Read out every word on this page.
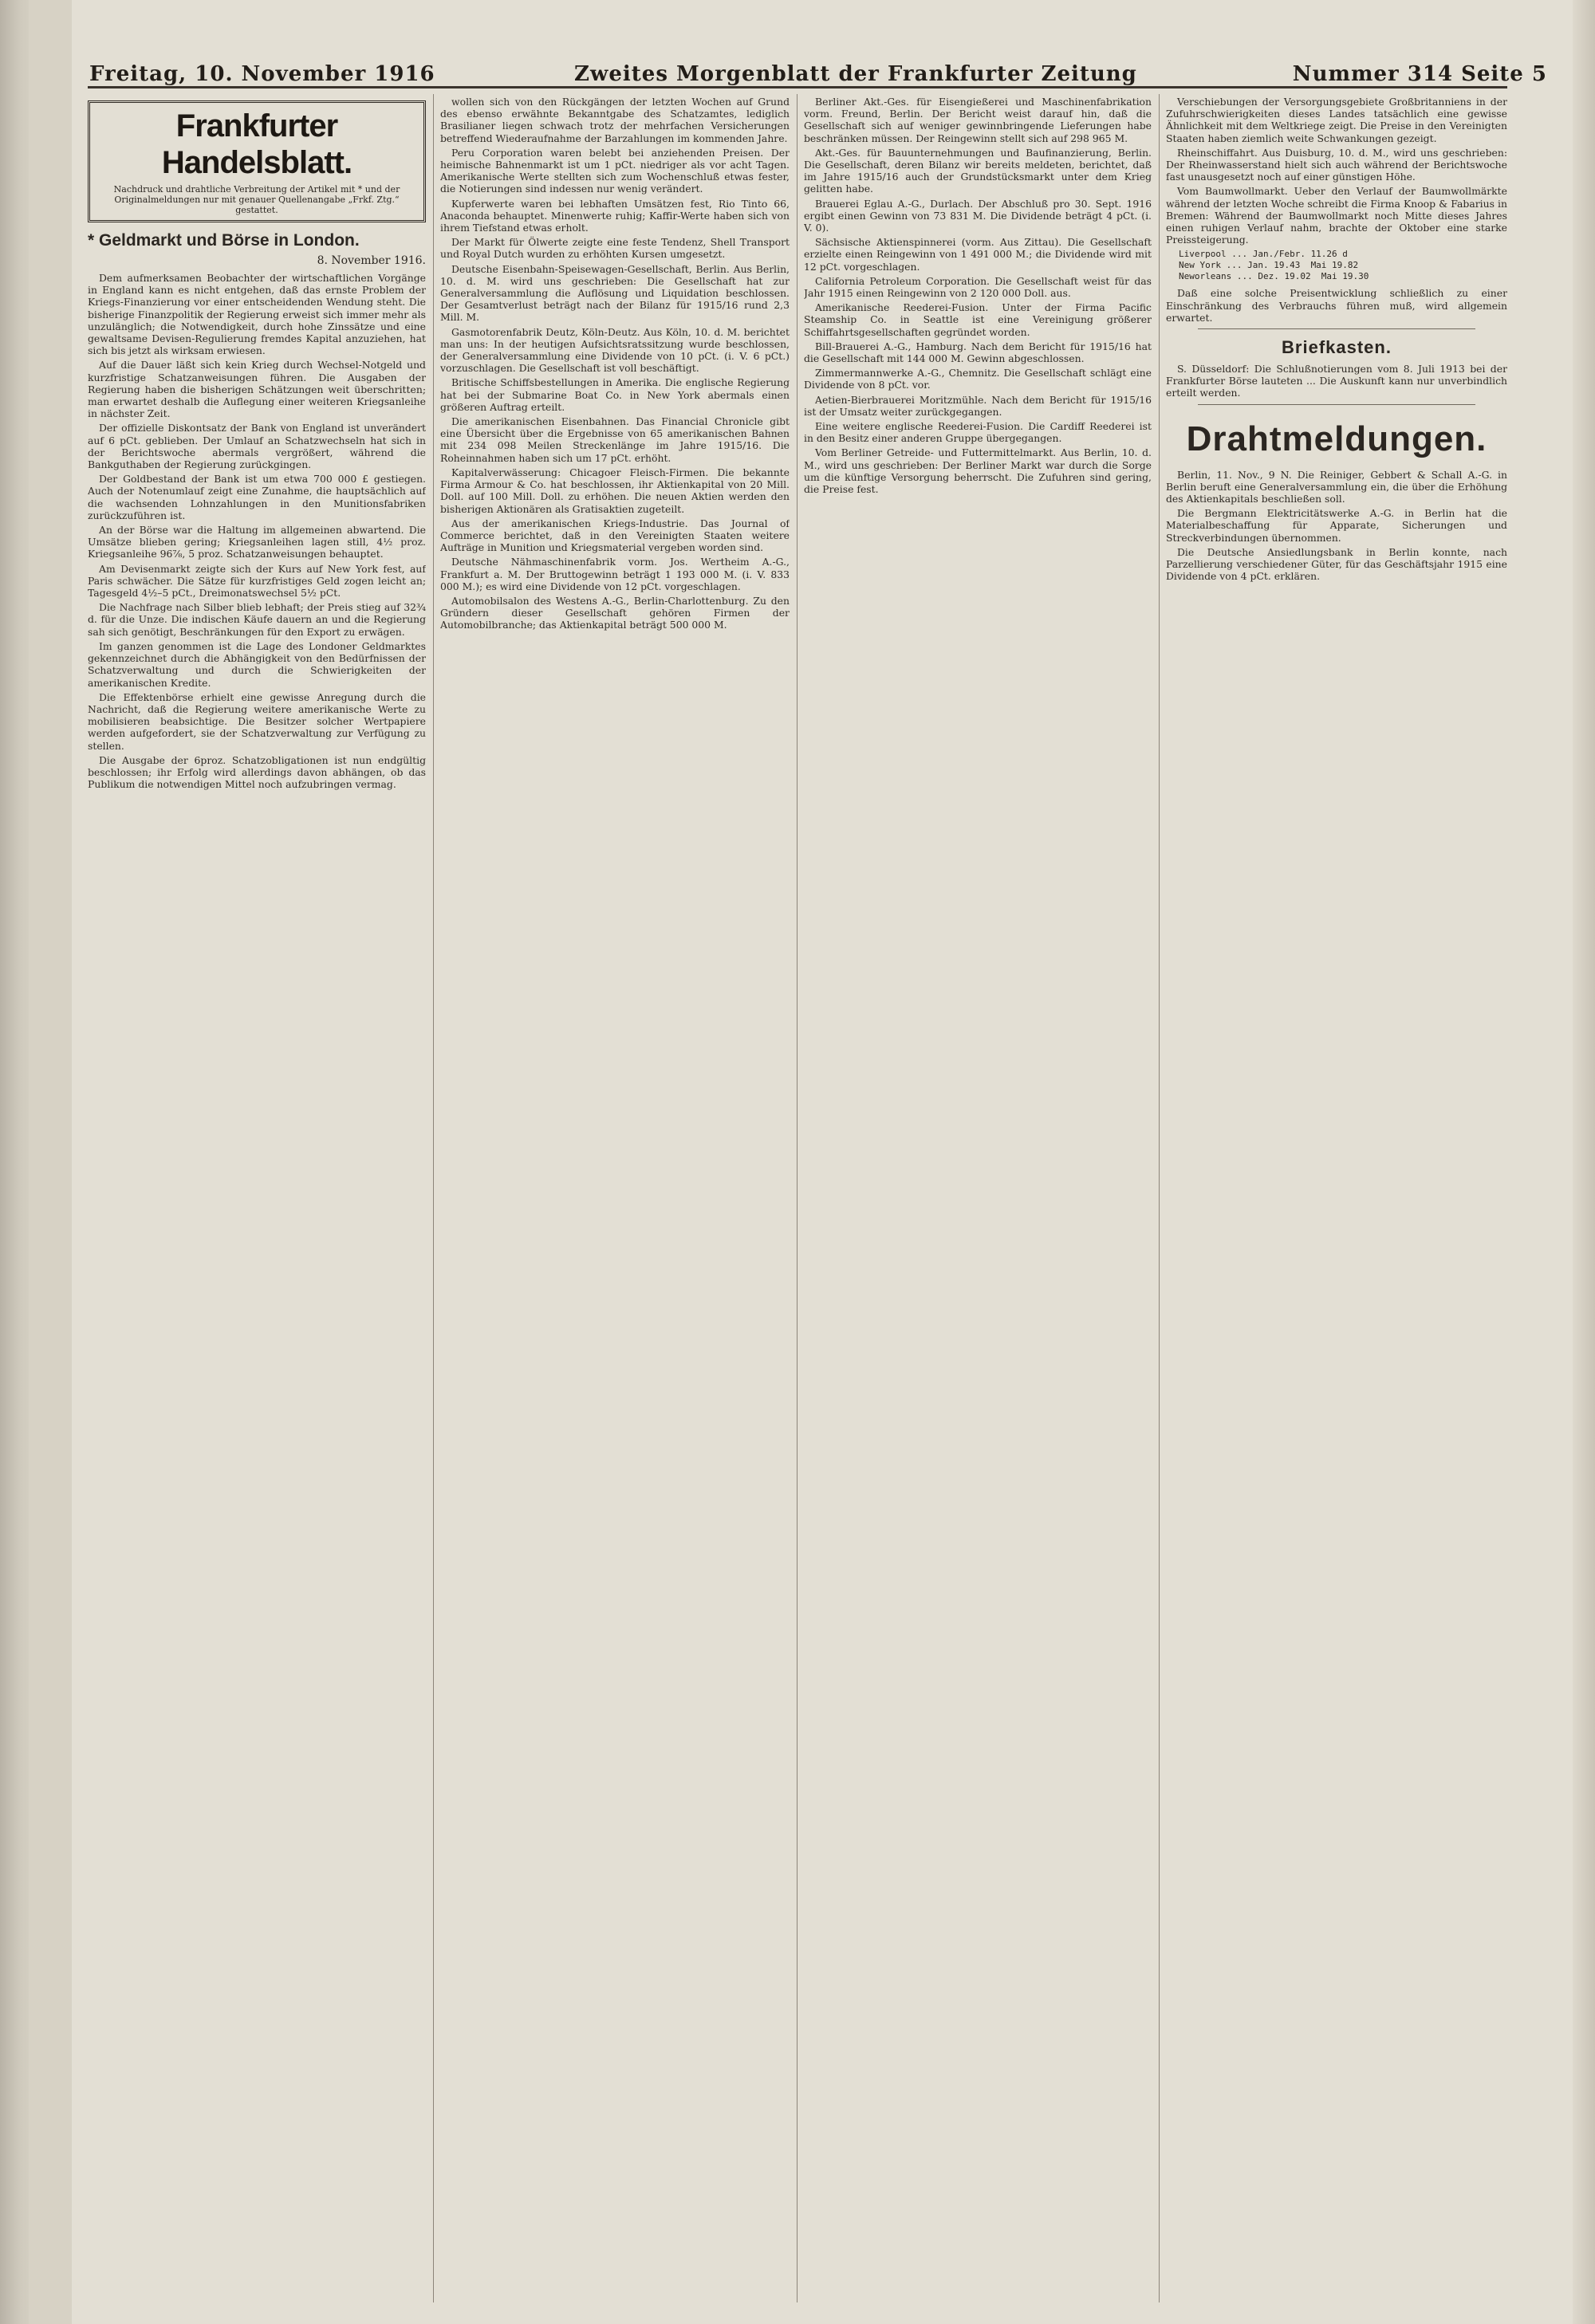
Freitag, 10. November 1916	Zweites Morgenblatt der Frankfurter Zeitung	Nummer 314 Seite 5
Frankfurter Handelsblatt.
Nachdruck und drahtliche Verbreitung der Artikel mit * und der Originalmeldungen nur mit genauer Quellenangabe „Frkf. Ztg.“ gestattet.
* Geldmarkt und Börse in London.
8. November 1916.

Dem aufmerksamen Beobachter der wirtschaftlichen Vorgänge in England kann es nicht entgehen, daß das ernste Problem der Kriegs-Finanzierung vor einer entscheidenden Wendung steht. Die bisherige Finanzpolitik der Regierung erweist sich immer mehr als unzulänglich; die Notwendigkeit, durch hohe Zinssätze und eine gewaltsame Devisen-Regulierung fremdes Kapital anzuziehen, hat sich bis jetzt als wirksam erwiesen.

Auf die Dauer läßt sich kein Krieg durch Wechsel-Notgeld und kurzfristige Schatzanweisungen führen. Die Ausgaben der Regierung haben die bisherigen Schätzungen weit überschritten; man erwartet deshalb die Auflegung einer weiteren Kriegsanleihe in nächster Zeit.

Der offizielle Diskontsatz der Bank von England ist unverändert auf 6 pCt. geblieben. Der Umlauf an Schatzwechseln hat sich in der Berichtswoche abermals vergrößert, während die Bankguthaben der Regierung zurückgingen.

Der Goldbestand der Bank ist um etwa 700 000 £ gestiegen. Auch der Notenumlauf zeigt eine Zunahme, die hauptsächlich auf die wachsenden Lohnzahlungen in den Munitionsfabriken zurückzuführen ist.

An der Börse war die Haltung im allgemeinen abwartend. Die Umsätze blieben gering; Kriegsanleihen lagen still, 4½ proz. Kriegsanleihe 96⅞, 5 proz. Schatzanweisungen behauptet.

Am Devisenmarkt zeigte sich der Kurs auf New York fest, auf Paris schwächer. Die Sätze für kurzfristiges Geld zogen leicht an; Tagesgeld 4½–5 pCt., Dreimonatswechsel 5½ pCt.

Die Nachfrage nach Silber blieb lebhaft; der Preis stieg auf 32¾ d. für die Unze. Die indischen Käufe dauern an und die Regierung sah sich genötigt, Beschränkungen für den Export zu erwägen.

Im ganzen genommen ist die Lage des Londoner Geldmarktes gekennzeichnet durch die Abhängigkeit von den Bedürfnissen der Schatzverwaltung und durch die Schwierigkeiten der amerikanischen Kredite.

Die Effektenbörse erhielt eine gewisse Anregung durch die Nachricht, daß die Regierung weitere amerikanische Werte zu mobilisieren beabsichtige. Die Besitzer solcher Wertpapiere werden aufgefordert, sie der Schatzverwaltung zur Verfügung zu stellen.

Die Ausgabe der 6proz. Schatzobligationen ist nun endgültig beschlossen; ihr Erfolg wird allerdings davon abhängen, ob das Publikum die notwendigen Mittel noch aufzubringen vermag.

wollen sich von den Rückgängen der letzten Wochen auf Grund des ebenso erwähnte Bekanntgabe des Schatzamtes, lediglich Brasilianer liegen schwach trotz der mehrfachen Versicherungen betreffend Wiederaufnahme der Barzahlungen im kommenden Jahre.

Peru Corporation waren belebt bei anziehenden Preisen. Der heimische Bahnenmarkt ist um 1 pCt. niedriger als vor acht Tagen. Amerikanische Werte stellten sich zum Wochenschluß etwas fester, die Notierungen sind indessen nur wenig verändert.

Kupferwerte waren bei lebhaften Umsätzen fest, Rio Tinto 66, Anaconda behauptet. Minenwerte ruhig; Kaffir-Werte haben sich von ihrem Tiefstand etwas erholt.

Der Markt für Ölwerte zeigte eine feste Tendenz, Shell Transport und Royal Dutch wurden zu erhöhten Kursen umgesetzt.

Deutsche Eisenbahn-Speisewagen-Gesellschaft, Berlin. Aus Berlin, 10. d. M. wird uns geschrieben: Die Gesellschaft hat zur Generalversammlung die Auflösung und Liquidation beschlossen. Der Gesamtverlust beträgt nach der Bilanz für 1915/16 rund 2,3 Mill. M.

Gasmotorenfabrik Deutz, Köln-Deutz. Aus Köln, 10. d. M. berichtet man uns: In der heutigen Aufsichtsratssitzung wurde beschlossen, der Generalversammlung eine Dividende von 10 pCt. (i. V. 6 pCt.) vorzuschlagen. Die Gesellschaft ist voll beschäftigt.

Britische Schiffsbestellungen in Amerika. Die englische Regierung hat bei der Submarine Boat Co. in New York abermals einen größeren Auftrag erteilt.

Die amerikanischen Eisenbahnen. Das Financial Chronicle gibt eine Übersicht über die Ergebnisse von 65 amerikanischen Bahnen mit 234 098 Meilen Streckenlänge im Jahre 1915/16. Die Roheinnahmen haben sich um 17 pCt. erhöht.

Kapitalverwässerung: Chicagoer Fleisch-Firmen. Die bekannte Firma Armour & Co. hat beschlossen, ihr Aktienkapital von 20 Mill. Doll. auf 100 Mill. Doll. zu erhöhen. Die neuen Aktien werden den bisherigen Aktionären als Gratisaktien zugeteilt.

Aus der amerikanischen Kriegs-Industrie. Das Journal of Commerce berichtet, daß in den Vereinigten Staaten weitere Aufträge in Munition und Kriegsmaterial vergeben worden sind.

Deutsche Nähmaschinenfabrik vorm. Jos. Wertheim A.-G., Frankfurt a. M. Der Bruttogewinn beträgt 1 193 000 M. (i. V. 833 000 M.); es wird eine Dividende von 12 pCt. vorgeschlagen.

Automobilsalon des Westens A.-G., Berlin-Charlottenburg. Zu den Gründern dieser Gesellschaft gehören Firmen der Automobilbranche; das Aktienkapital beträgt 500 000 M.

Berliner Akt.-Ges. für Eisengießerei und Maschinenfabrikation vorm. Freund, Berlin. Der Bericht weist darauf hin, daß die Gesellschaft sich auf weniger gewinnbringende Lieferungen habe beschränken müssen. Der Reingewinn stellt sich auf 298 965 M.

Akt.-Ges. für Bauunternehmungen und Baufinanzierung, Berlin. Die Gesellschaft, deren Bilanz wir bereits meldeten, berichtet, daß im Jahre 1915/16 auch der Grundstücksmarkt unter dem Krieg gelitten habe.

Brauerei Eglau A.-G., Durlach. Der Abschluß pro 30. Sept. 1916 ergibt einen Gewinn von 73 831 M. Die Dividende beträgt 4 pCt. (i. V. 0).

Sächsische Aktienspinnerei (vorm. Aus Zittau). Die Gesellschaft erzielte einen Reingewinn von 1 491 000 M.; die Dividende wird mit 12 pCt. vorgeschlagen.

California Petroleum Corporation. Die Gesellschaft weist für das Jahr 1915 einen Reingewinn von 2 120 000 Doll. aus.

Amerikanische Reederei-Fusion. Unter der Firma Pacific Steamship Co. in Seattle ist eine Vereinigung größerer Schiffahrtsgesellschaften gegründet worden.

Bill-Brauerei A.-G., Hamburg. Nach dem Bericht für 1915/16 hat die Gesellschaft mit 144 000 M. Gewinn abgeschlossen.

Zimmermannwerke A.-G., Chemnitz. Die Gesellschaft schlägt eine Dividende von 8 pCt. vor.

Aetien-Bierbrauerei Moritzmühle. Nach dem Bericht für 1915/16 ist der Umsatz weiter zurückgegangen.

Eine weitere englische Reederei-Fusion. Die Cardiff Reederei ist in den Besitz einer anderen Gruppe übergegangen.

Vom Berliner Getreide- und Futtermittelmarkt. Aus Berlin, 10. d. M., wird uns geschrieben: Der Berliner Markt war durch die Sorge um die künftige Versorgung beherrscht. Die Zufuhren sind gering, die Preise fest.

Verschiebungen der Versorgungsgebiete Großbritanniens in der Zufuhrschwierigkeiten dieses Landes tatsächlich eine gewisse Ähnlichkeit mit dem Weltkriege zeigt. Die Preise in den Vereinigten Staaten haben ziemlich weite Schwankungen gezeigt.

Rheinschiffahrt. Aus Duisburg, 10. d. M., wird uns geschrieben: Der Rheinwasserstand hielt sich auch während der Berichtswoche fast unausgesetzt noch auf einer günstigen Höhe.

Vom Baumwollmarkt. Ueber den Verlauf der Baumwollmärkte während der letzten Woche schreibt die Firma Knoop & Fabarius in Bremen: Während der Baumwollmarkt noch Mitte dieses Jahres einen ruhigen Verlauf nahm, brachte der Oktober eine starke Preissteigerung.

Liverpool ... Jan./Febr. 11.26 d
New York ... Jan. 19.43  Mai 19.82
Neworleans ... Dez. 19.02  Mai 19.30

Daß eine solche Preisentwicklung schließlich zu einer Einschränkung des Verbrauchs führen muß, wird allgemein erwartet.

Briefkasten.

S. Düsseldorf: Die Schlußnotierungen vom 8. Juli 1913 bei der Frankfurter Börse lauteten ... Die Auskunft kann nur unverbindlich erteilt werden.

Drahtmeldungen.

Berlin, 11. Nov., 9 N. Die Reiniger, Gebbert & Schall A.-G. in Berlin beruft eine Generalversammlung ein, die über die Erhöhung des Aktienkapitals beschließen soll.

Die Bergmann Elektricitätswerke A.-G. in Berlin hat die Materialbeschaffung für Apparate, Sicherungen und Streckverbindungen übernommen.

Die Deutsche Ansiedlungsbank in Berlin konnte, nach Parzellierung verschiedener Güter, für das Geschäftsjahr 1915 eine Dividende von 4 pCt. erklären.
